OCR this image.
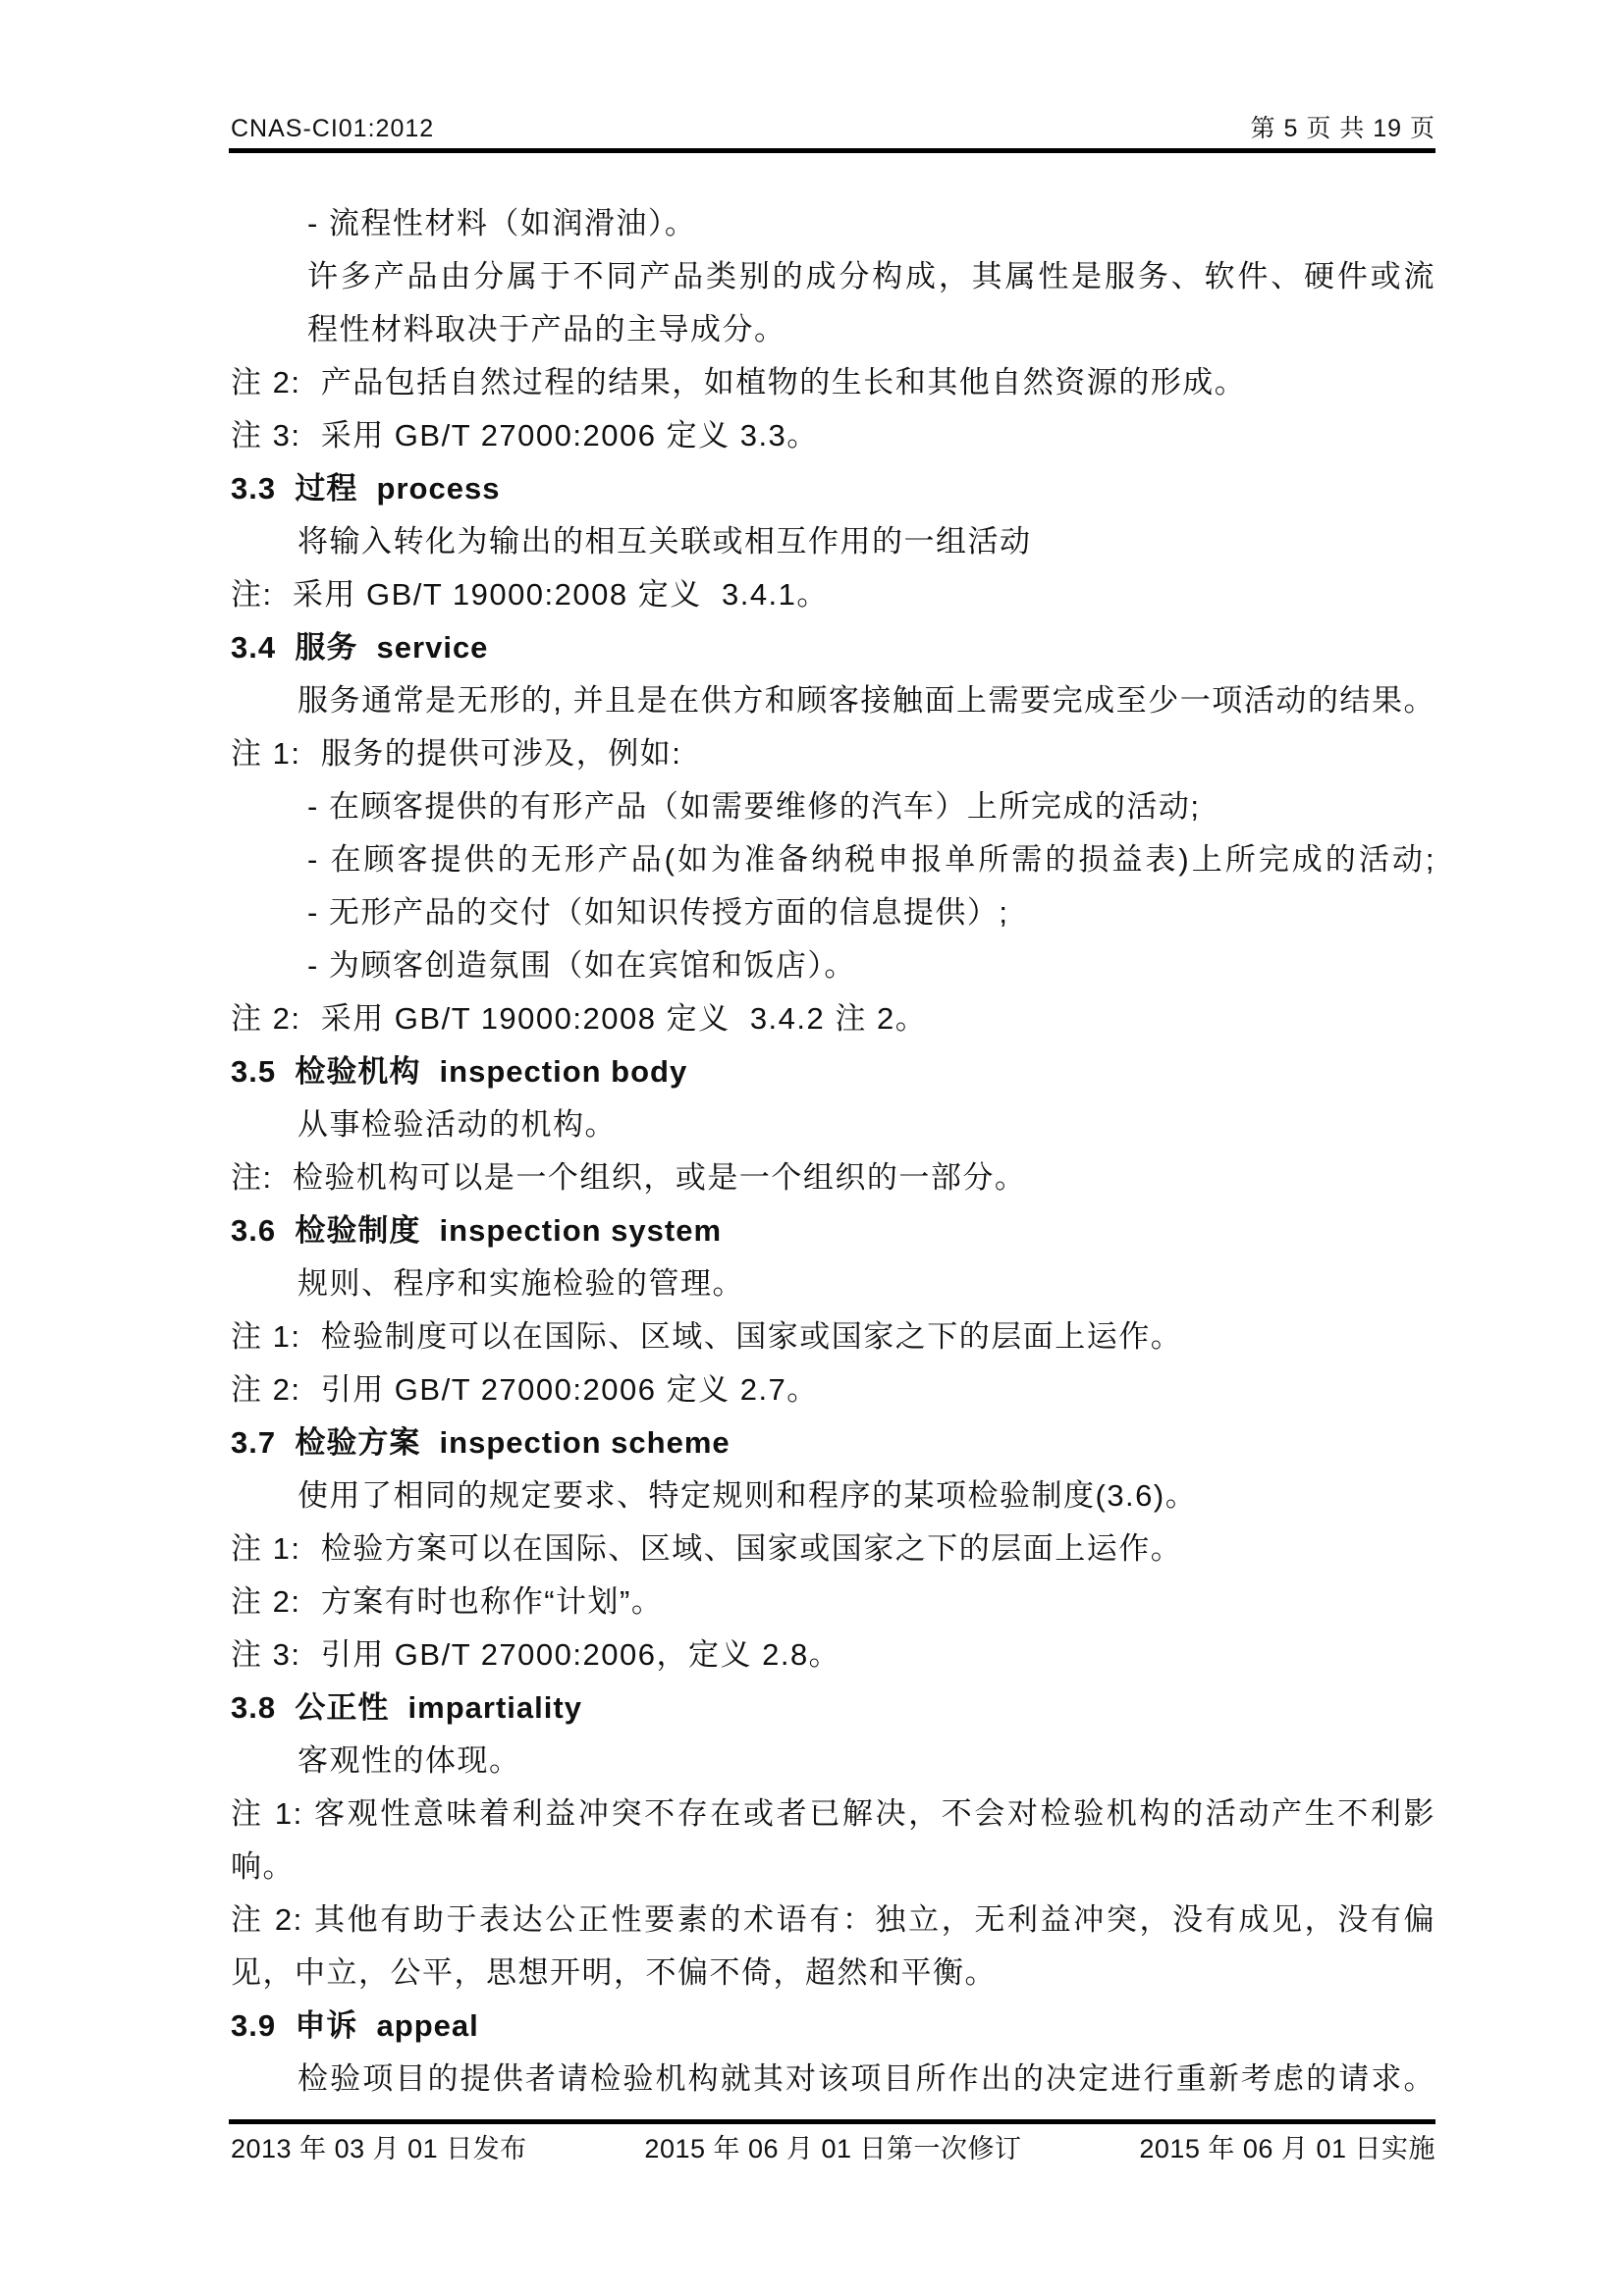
CNAS-CI01:2012	第 5 页 共 19 页

- 流程性材料（如润滑油）。

许多产品由分属于不同产品类别的成分构成，其属性是服务、软件、硬件或流

程性材料取决于产品的主导成分。

注 2:  产品包括自然过程的结果，如植物的生长和其他自然资源的形成。

注 3:  采用 GB/T 27000:2006 定义 3.3。

3.3  过程  process

将输入转化为输出的相互关联或相互作用的一组活动

注:  采用 GB/T 19000:2008 定义  3.4.1。

3.4  服务  service

服务通常是无形的, 并且是在供方和顾客接触面上需要完成至少一项活动的结果。

注 1:  服务的提供可涉及，例如:

- 在顾客提供的有形产品（如需要维修的汽车）上所完成的活动;

- 在顾客提供的无形产品(如为准备纳税申报单所需的损益表)上所完成的活动;

- 无形产品的交付（如知识传授方面的信息提供）;

- 为顾客创造氛围（如在宾馆和饭店）。

注 2:  采用 GB/T 19000:2008 定义  3.4.2 注 2。

3.5  检验机构  inspection body

从事检验活动的机构。

注:  检验机构可以是一个组织，或是一个组织的一部分。

3.6  检验制度  inspection system

规则、程序和实施检验的管理。

注 1:  检验制度可以在国际、区域、国家或国家之下的层面上运作。

注 2:  引用 GB/T 27000:2006 定义 2.7。

3.7  检验方案  inspection scheme

使用了相同的规定要求、特定规则和程序的某项检验制度(3.6)。

注 1:  检验方案可以在国际、区域、国家或国家之下的层面上运作。

注 2:  方案有时也称作“计划”。

注 3:  引用 GB/T 27000:2006，定义 2.8。

3.8  公正性  impartiality

客观性的体现。

注 1: 客观性意味着利益冲突不存在或者已解决，不会对检验机构的活动产生不利影

响。

注 2: 其他有助于表达公正性要素的术语有：独立，无利益冲突，没有成见，没有偏

见，中立，公平，思想开明，不偏不倚，超然和平衡。

3.9  申诉  appeal

检验项目的提供者请检验机构就其对该项目所作出的决定进行重新考虑的请求。

2013 年 03 月 01 日发布	2015 年 06 月 01 日第一次修订	2015 年 06 月 01 日实施
